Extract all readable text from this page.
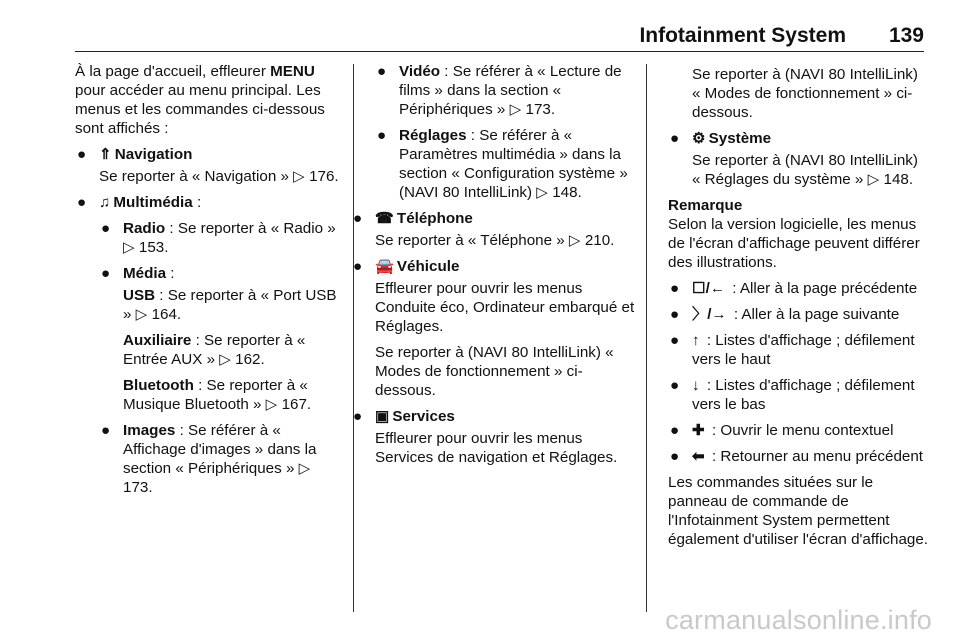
Infotainment System 139

À la page d'accueil, effleurer MENU pour accéder au menu principal. Les menus et les commandes ci-dessous sont affichés :

● ⇑ Navigation
Se reporter à « Navigation » ▷ 176.
● ♫ Multimédia :
● Radio : Se reporter à « Radio » ▷ 153.
● Média :
USB : Se reporter à « Port USB » ▷ 164.
Auxiliaire : Se reporter à « Entrée AUX » ▷ 162.
Bluetooth : Se reporter à « Musique Bluetooth » ▷ 167.
● Images : Se référer à « Affichage d'images » dans la section « Périphériques » ▷ 173.
● Vidéo : Se référer à « Lecture de films » dans la section « Périphériques » ▷ 173.
● Réglages : Se référer à « Paramètres multimédia » dans la section « Configuration système » (NAVI 80 IntelliLink) ▷ 148.
● ☎ Téléphone
Se reporter à « Téléphone » ▷ 210.
● 🚘 Véhicule
Effleurer pour ouvrir les menus Conduite éco, Ordinateur embarqué et Réglages.
Se reporter à (NAVI 80 IntelliLink) « Modes de fonctionnement » ci-dessous.
● ▣ Services
Effleurer pour ouvrir les menus Services de navigation et Réglages.
Se reporter à (NAVI 80 IntelliLink) « Modes de fonctionnement » ci-dessous.
● ⚙ Système
Se reporter à (NAVI 80 IntelliLink) « Réglages du système » ▷ 148.
Remarque
Selon la version logicielle, les menus de l'écran d'affichage peuvent différer des illustrations.
● ☐/← : Aller à la page précédente
● 〉/→ : Aller à la page suivante
● ↑ : Listes d'affichage ; défilement vers le haut
● ↓ : Listes d'affichage ; défilement vers le bas
● ✚ : Ouvrir le menu contextuel
● ⬅ : Retourner au menu précédent

Les commandes situées sur le panneau de commande de l'Infotainment System permettent également d'utiliser l'écran d'affichage.

carmanualsonline.info
